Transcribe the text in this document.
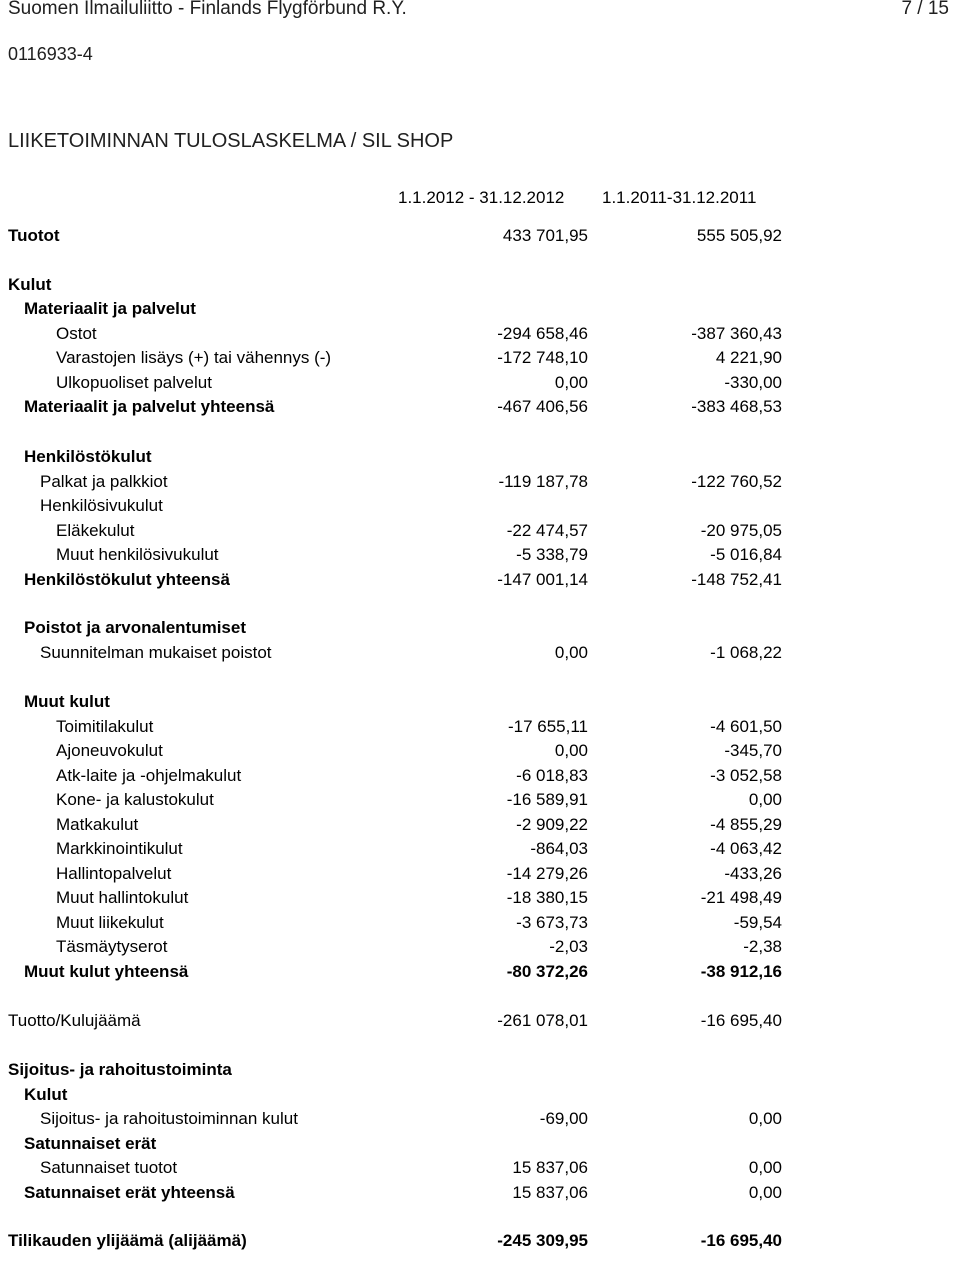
Suomen Ilmailuliitto - Finlands Flygförbund R.Y.	7 / 15
0116933-4
LIIKETOIMINNAN TULOSLASKELMA / SIL SHOP
1.1.2012 - 31.12.2012 1.1.2011-31.12.2011
Tuotot	433 701,95	555 505,92
Kulut
Materiaalit ja palvelut
Ostot	-294 658,46	-387 360,43
Varastojen lisäys (+) tai vähennys (-)	-172 748,10	4 221,90
Ulkopuoliset palvelut	0,00	-330,00
Materiaalit ja palvelut yhteensä	-467 406,56	-383 468,53
Henkilöstökulut
Palkat ja palkkiot	-119 187,78	-122 760,52
Henkilösivukulut
Eläkekulut	-22 474,57	-20 975,05
Muut henkilösivukulut	-5 338,79	-5 016,84
Henkilöstökulut yhteensä	-147 001,14	-148 752,41
Poistot ja arvonalentumiset
Suunnitelman mukaiset poistot	0,00	-1 068,22
Muut kulut
Toimitilakulut	-17 655,11	-4 601,50
Ajoneuvokulut	0,00	-345,70
Atk-laite ja -ohjelmakulut	-6 018,83	-3 052,58
Kone- ja kalustokulut	-16 589,91	0,00
Matkakulut	-2 909,22	-4 855,29
Markkinointikulut	-864,03	-4 063,42
Hallintopalvelut	-14 279,26	-433,26
Muut hallintokulut	-18 380,15	-21 498,49
Muut liikekulut	-3 673,73	-59,54
Täsmäytyserot	-2,03	-2,38
Muut kulut yhteensä	-80 372,26	-38 912,16
Tuotto/Kulujäämä	-261 078,01	-16 695,40
Sijoitus- ja rahoitustoiminta
Kulut
Sijoitus- ja rahoitustoiminnan kulut	-69,00	0,00
Satunnaiset erät
Satunnaiset tuotot	15 837,06	0,00
Satunnaiset erät yhteensä	15 837,06	0,00
Tilikauden ylijäämä (alijäämä)	-245 309,95	-16 695,40
